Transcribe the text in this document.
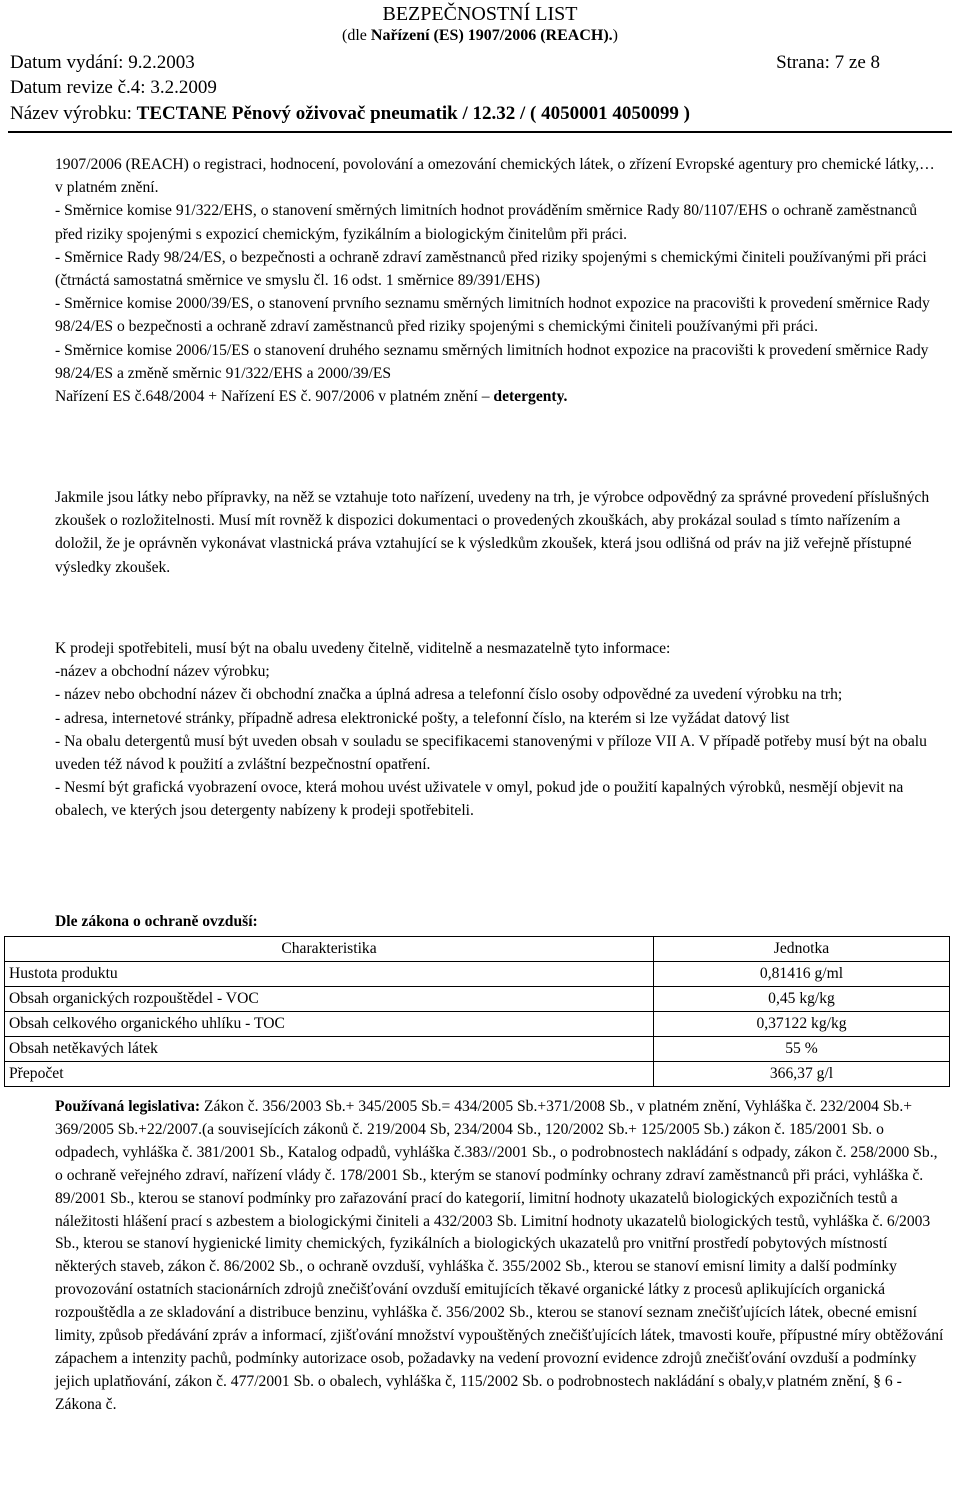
BEZPEČNOSTNÍ LIST
(dle Nařízení (ES) 1907/2006 (REACH).)
Datum vydání: 9.2.2003	Strana: 7 ze 8
Datum revize č.4: 3.2.2009
Název výrobku: TECTANE Pěnový oživovač pneumatik / 12.32 / ( 4050001 4050099 )

1907/2006 (REACH) o registraci, hodnocení, povolování a omezování chemických látek, o zřízení Evropské agentury pro chemické látky,… v platném znění.

- Směrnice komise 91/322/EHS, o stanovení směrných limitních hodnot prováděním směrnice Rady 80/1107/EHS o ochraně zaměstnanců před riziky spojenými s expozicí chemickým, fyzikálním a biologickým činitelům při práci.

- Směrnice Rady 98/24/ES, o bezpečnosti a ochraně zdraví zaměstnanců před riziky spojenými s chemickými činiteli používanými při práci (čtrnáctá samostatná směrnice ve smyslu čl. 16 odst. 1 směrnice 89/391/EHS)

- Směrnice komise 2000/39/ES, o stanovení prvního seznamu směrných limitních hodnot expozice na pracovišti k provedení směrnice Rady 98/24/ES o bezpečnosti a ochraně zdraví zaměstnanců před riziky spojenými s chemickými činiteli používanými při práci.

- Směrnice komise 2006/15/ES o stanovení druhého seznamu směrných limitních hodnot expozice na pracovišti k provedení směrnice Rady 98/24/ES a změně směrnic 91/322/EHS a 2000/39/ES

Nařízení ES č.648/2004 + Nařízení ES č. 907/2006 v platném znění – detergenty.

Jakmile jsou látky nebo přípravky, na něž se vztahuje toto nařízení, uvedeny na trh, je výrobce odpovědný za správné provedení příslušných zkoušek o rozložitelnosti. Musí mít rovněž k dispozici dokumentaci o provedených zkouškách, aby prokázal soulad s tímto nařízením a doložil, že je oprávněn vykonávat vlastnická práva vztahující se k výsledkům zkoušek, která jsou odlišná od práv na již veřejně přístupné výsledky zkoušek.

K prodeji spotřebiteli, musí být na obalu uvedeny čitelně, viditelně a nesmazatelně tyto informace:

-název a obchodní název výrobku;

- název nebo obchodní název či obchodní značka a úplná adresa a telefonní číslo osoby odpovědné za uvedení výrobku na trh;

- adresa, internetové stránky, případně adresa elektronické pošty, a telefonní číslo, na kterém si lze vyžádat datový list

- Na obalu detergentů musí být uveden obsah v souladu se specifikacemi stanovenými v příloze VII A. V případě potřeby musí být na obalu uveden též návod k použití a zvláštní bezpečnostní opatření.

- Nesmí být grafická vyobrazení ovoce, která mohou uvést uživatele v omyl, pokud jde o použití kapalných výrobků, nesmějí objevit na obalech, ve kterých jsou detergenty nabízeny k prodeji spotřebiteli.

Dle zákona o ochraně ovzduší:
Charakteristika	Jednotka
Hustota produktu	0,81416 g/ml
Obsah organických rozpouštědel - VOC	0,45 kg/kg
Obsah celkového organického uhlíku - TOC	0,37122 kg/kg
Obsah netěkavých látek	55 %
Přepočet	366,37 g/l
Používaná legislativa: Zákon č. 356/2003 Sb.+ 345/2005 Sb.= 434/2005 Sb.+371/2008 Sb., v platném znění, Vyhláška č. 232/2004 Sb.+ 369/2005 Sb.+22/2007.(a souvisejících zákonů č. 219/2004 Sb, 234/2004 Sb., 120/2002 Sb.+ 125/2005 Sb.) zákon č. 185/2001 Sb. o odpadech, vyhláška č. 381/2001 Sb., Katalog odpadů, vyhláška č.383//2001 Sb., o podrobnostech nakládání s odpady, zákon č. 258/2000 Sb., o ochraně veřejného zdraví, nařízení vlády č. 178/2001 Sb., kterým se stanoví podmínky ochrany zdraví zaměstnanců při práci, vyhláška č. 89/2001 Sb., kterou se stanoví podmínky pro zařazování prací do kategorií, limitní hodnoty ukazatelů biologických expozičních testů a náležitosti hlášení prací s azbestem a biologickými činiteli a 432/2003 Sb. Limitní hodnoty ukazatelů biologických testů, vyhláška č. 6/2003 Sb., kterou se stanoví hygienické limity chemických, fyzikálních a biologických ukazatelů pro vnitřní prostředí pobytových místností některých staveb, zákon č. 86/2002 Sb., o ochraně ovzduší, vyhláška č. 355/2002 Sb., kterou se stanoví emisní limity a další podmínky provozování ostatních stacionárních zdrojů znečišťování ovzduší emitujících těkavé organické látky z procesů aplikujících organická rozpouštědla a ze skladování a distribuce benzinu, vyhláška č. 356/2002 Sb., kterou se stanoví seznam znečišťujících látek, obecné emisní limity, způsob předávání zpráv a informací, zjišťování množství vypouštěných znečišťujících látek, tmavosti kouře, přípustné míry obtěžování zápachem a intenzity pachů, podmínky autorizace osob, požadavky na vedení provozní evidence zdrojů znečišťování ovzduší a podmínky jejich uplatňování, zákon č. 477/2001 Sb. o obalech, vyhláška č, 115/2002 Sb. o podrobnostech nakládání s obaly,v platném znění, § 6 - Zákona č.
